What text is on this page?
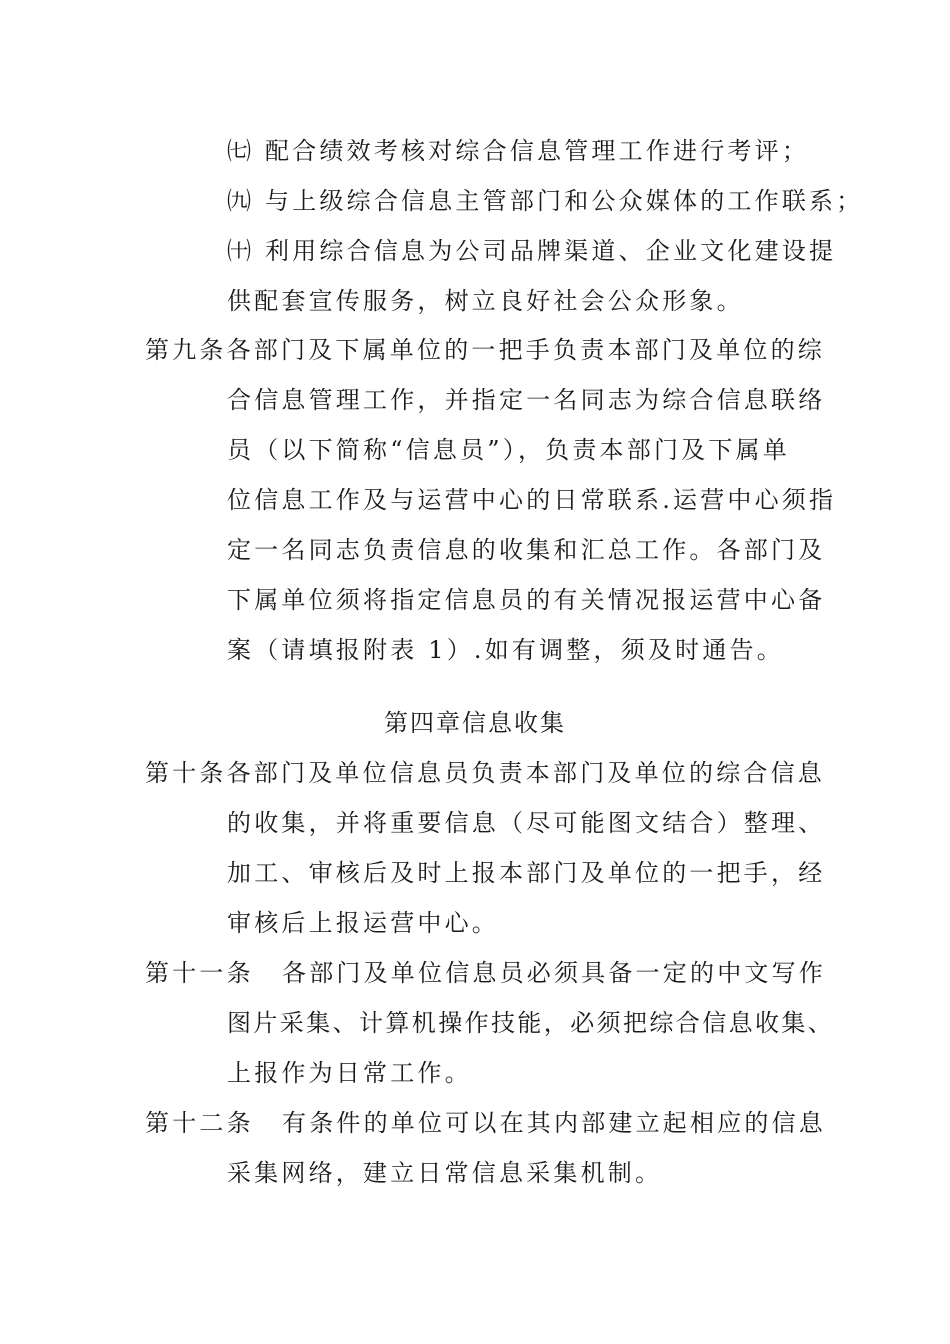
㈦ 配合绩效考核对综合信息管理工作进行考评；
㈨ 与上级综合信息主管部门和公众媒体的工作联系；
㈩ 利用综合信息为公司品牌渠道、企业文化建设提
供配套宣传服务，树立良好社会公众形象。
第九条各部门及下属单位的一把手负责本部门及单位的综
合信息管理工作，并指定一名同志为综合信息联络
员（以下简称“信息员”），负责本部门及下属单
位信息工作及与运营中心的日常联系.运营中心须指
定一名同志负责信息的收集和汇总工作。各部门及
下属单位须将指定信息员的有关情况报运营中心备
案（请填报附表 1）.如有调整，须及时通告。
第四章信息收集
第十条各部门及单位信息员负责本部门及单位的综合信息
的收集，并将重要信息（尽可能图文结合）整理、
加工、审核后及时上报本部门及单位的一把手，经
审核后上报运营中心。
第十一条 各部门及单位信息员必须具备一定的中文写作
图片采集、计算机操作技能，必须把综合信息收集、
上报作为日常工作。
第十二条 有条件的单位可以在其内部建立起相应的信息
采集网络，建立日常信息采集机制。
